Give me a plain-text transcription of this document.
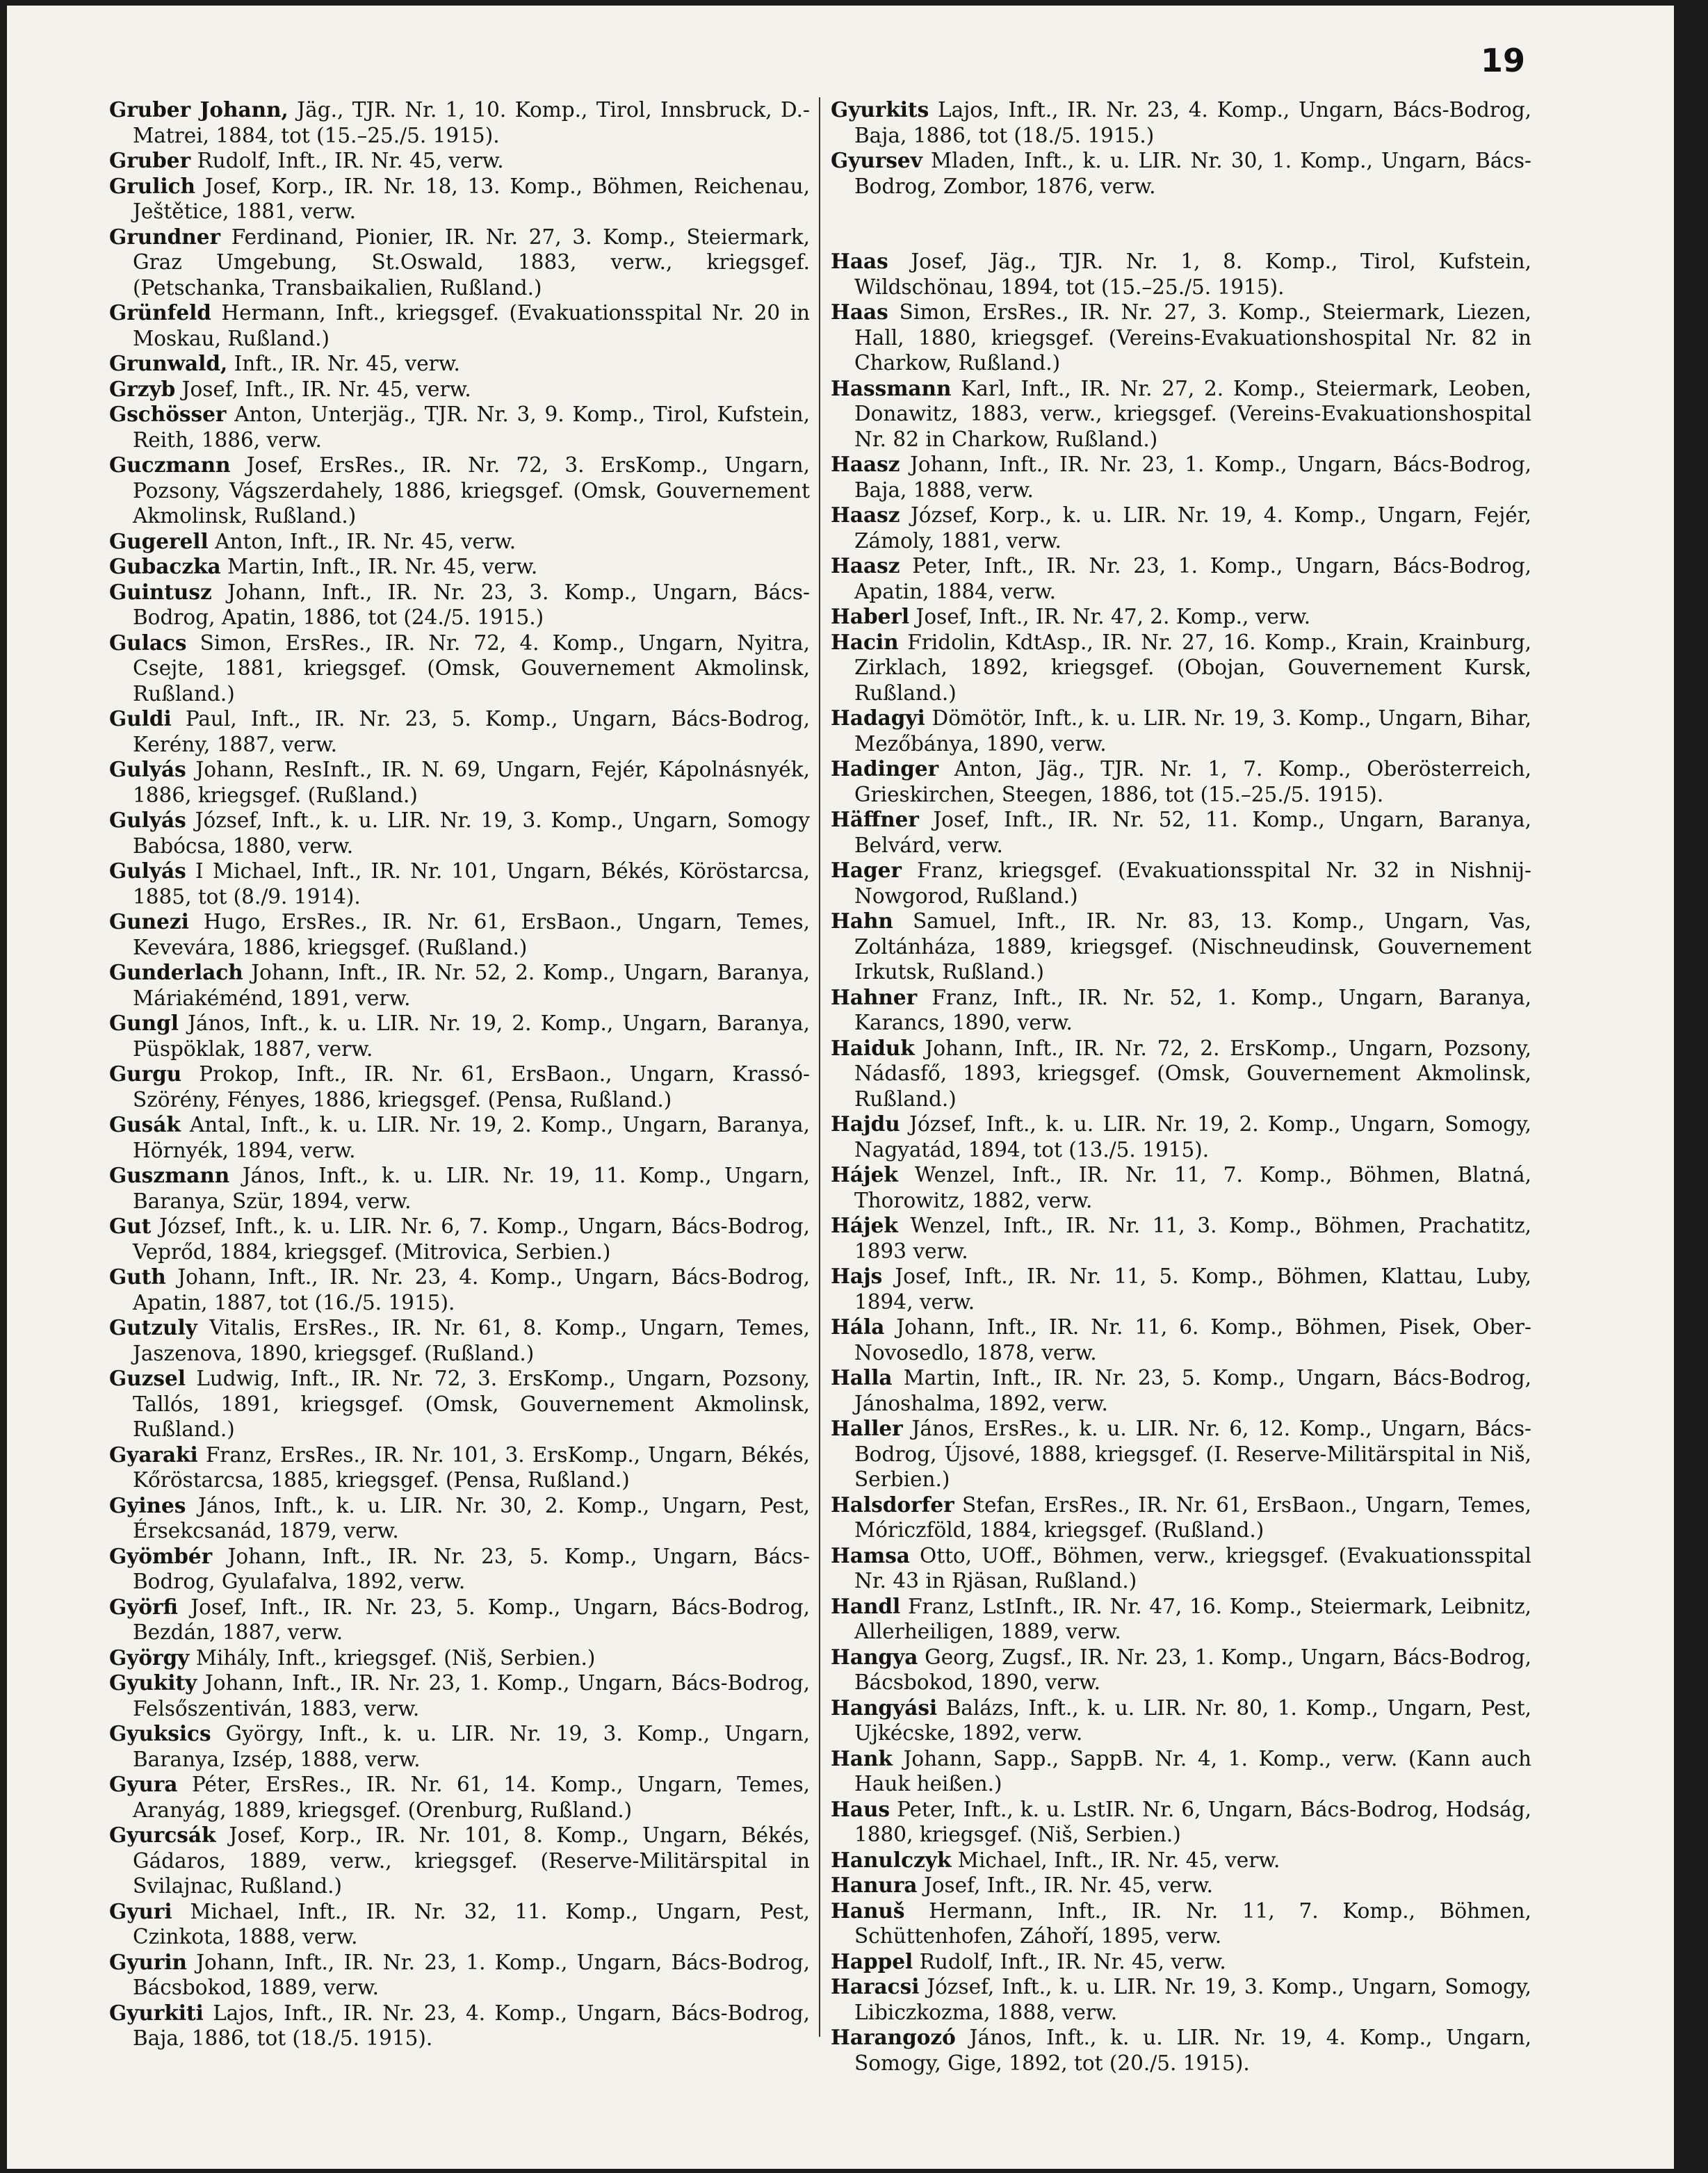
19

Gruber Johann, Jäg., TJR. Nr. 1, 10. Komp., Tirol, Innsbruck, D.-Matrei, 1884, tot (15.–25./5. 1915).

Gruber Rudolf, Inft., IR. Nr. 45, verw.

Grulich Josef, Korp., IR. Nr. 18, 13. Komp., Böhmen, Reichenau, Ještětice, 1881, verw.

Grundner Ferdinand, Pionier, IR. Nr. 27, 3. Komp., Steiermark, Graz Umgebung, St.Oswald, 1883, verw., kriegsgef. (Petschanka, Transbaikalien, Rußland.)

Grünfeld Hermann, Inft., kriegsgef. (Evakuationsspital Nr. 20 in Moskau, Rußland.)

Grunwald, Inft., IR. Nr. 45, verw.

Grzyb Josef, Inft., IR. Nr. 45, verw.

Gschösser Anton, Unterjäg., TJR. Nr. 3, 9. Komp., Tirol, Kufstein, Reith, 1886, verw.

Guczmann Josef, ErsRes., IR. Nr. 72, 3. ErsKomp., Ungarn, Pozsony, Vágszerdahely, 1886, kriegsgef. (Omsk, Gouvernement Akmolinsk, Rußland.)

Gugerell Anton, Inft., IR. Nr. 45, verw.

Gubaczka Martin, Inft., IR. Nr. 45, verw.

Guintusz Johann, Inft., IR. Nr. 23, 3. Komp., Ungarn, Bács-Bodrog, Apatin, 1886, tot (24./5. 1915.)

Gulacs Simon, ErsRes., IR. Nr. 72, 4. Komp., Ungarn, Nyitra, Csejte, 1881, kriegsgef. (Omsk, Gouvernement Akmolinsk, Rußland.)

Guldi Paul, Inft., IR. Nr. 23, 5. Komp., Ungarn, Bács-Bodrog, Kerény, 1887, verw.

Gulyás Johann, ResInft., IR. N. 69, Ungarn, Fejér, Kápolnásnyék, 1886, kriegsgef. (Rußland.)

Gulyás József, Inft., k. u. LIR. Nr. 19, 3. Komp., Ungarn, Somogy Babócsa, 1880, verw.

Gulyás I Michael, Inft., IR. Nr. 101, Ungarn, Békés, Köröstarcsa, 1885, tot (8./9. 1914).

Gunezi Hugo, ErsRes., IR. Nr. 61, ErsBaon., Ungarn, Temes, Kevevára, 1886, kriegsgef. (Rußland.)

Gunderlach Johann, Inft., IR. Nr. 52, 2. Komp., Ungarn, Baranya, Máriakéménd, 1891, verw.

Gungl János, Inft., k. u. LIR. Nr. 19, 2. Komp., Ungarn, Baranya, Püspöklak, 1887, verw.

Gurgu Prokop, Inft., IR. Nr. 61, ErsBaon., Ungarn, Krassó-Szörény, Fényes, 1886, kriegsgef. (Pensa, Rußland.)

Gusák Antal, Inft., k. u. LIR. Nr. 19, 2. Komp., Ungarn, Baranya, Hörnyék, 1894, verw.

Guszmann János, Inft., k. u. LIR. Nr. 19, 11. Komp., Ungarn, Baranya, Szür, 1894, verw.

Gut József, Inft., k. u. LIR. Nr. 6, 7. Komp., Ungarn, Bács-Bodrog, Veprőd, 1884, kriegsgef. (Mitrovica, Serbien.)

Guth Johann, Inft., IR. Nr. 23, 4. Komp., Ungarn, Bács-Bodrog, Apatin, 1887, tot (16./5. 1915).

Gutzuly Vitalis, ErsRes., IR. Nr. 61, 8. Komp., Ungarn, Temes, Jaszenova, 1890, kriegsgef. (Rußland.)

Guzsel Ludwig, Inft., IR. Nr. 72, 3. ErsKomp., Ungarn, Pozsony, Tallós, 1891, kriegsgef. (Omsk, Gouvernement Akmolinsk, Rußland.)

Gyaraki Franz, ErsRes., IR. Nr. 101, 3. ErsKomp., Ungarn, Békés, Kőröstarcsa, 1885, kriegsgef. (Pensa, Rußland.)

Gyines János, Inft., k. u. LIR. Nr. 30, 2. Komp., Ungarn, Pest, Érsekcsanád, 1879, verw.

Gyömbér Johann, Inft., IR. Nr. 23, 5. Komp., Ungarn, Bács-Bodrog, Gyulafalva, 1892, verw.

Györfi Josef, Inft., IR. Nr. 23, 5. Komp., Ungarn, Bács-Bodrog, Bezdán, 1887, verw.

György Mihály, Inft., kriegsgef. (Niš, Serbien.)

Gyukity Johann, Inft., IR. Nr. 23, 1. Komp., Ungarn, Bács-Bodrog, Felsőszentiván, 1883, verw.

Gyuksics György, Inft., k. u. LIR. Nr. 19, 3. Komp., Ungarn, Baranya, Izsép, 1888, verw.

Gyura Péter, ErsRes., IR. Nr. 61, 14. Komp., Ungarn, Temes, Aranyág, 1889, kriegsgef. (Orenburg, Rußland.)

Gyurcsák Josef, Korp., IR. Nr. 101, 8. Komp., Ungarn, Békés, Gádaros, 1889, verw., kriegsgef. (Reserve-Militärspital in Svilajnac, Rußland.)

Gyuri Michael, Inft., IR. Nr. 32, 11. Komp., Ungarn, Pest, Czinkota, 1888, verw.

Gyurin Johann, Inft., IR. Nr. 23, 1. Komp., Ungarn, Bács-Bodrog, Bácsbokod, 1889, verw.

Gyurkiti Lajos, Inft., IR. Nr. 23, 4. Komp., Ungarn, Bács-Bodrog, Baja, 1886, tot (18./5. 1915).

Gyurkits Lajos, Inft., IR. Nr. 23, 4. Komp., Ungarn, Bács-Bodrog, Baja, 1886, tot (18./5. 1915.)

Gyursev Mladen, Inft., k. u. LIR. Nr. 30, 1. Komp., Ungarn, Bács-Bodrog, Zombor, 1876, verw.

Haas Josef, Jäg., TJR. Nr. 1, 8. Komp., Tirol, Kufstein, Wildschönau, 1894, tot (15.–25./5. 1915).

Haas Simon, ErsRes., IR. Nr. 27, 3. Komp., Steiermark, Liezen, Hall, 1880, kriegsgef. (Vereins-Evakuationshospital Nr. 82 in Charkow, Rußland.)

Hassmann Karl, Inft., IR. Nr. 27, 2. Komp., Steiermark, Leoben, Donawitz, 1883, verw., kriegsgef. (Vereins-Evakuationshospital Nr. 82 in Charkow, Rußland.)

Haasz Johann, Inft., IR. Nr. 23, 1. Komp., Ungarn, Bács-Bodrog, Baja, 1888, verw.

Haasz József, Korp., k. u. LIR. Nr. 19, 4. Komp., Ungarn, Fejér, Zámoly, 1881, verw.

Haasz Peter, Inft., IR. Nr. 23, 1. Komp., Ungarn, Bács-Bodrog, Apatin, 1884, verw.

Haberl Josef, Inft., IR. Nr. 47, 2. Komp., verw.

Hacin Fridolin, KdtAsp., IR. Nr. 27, 16. Komp., Krain, Krainburg, Zirklach, 1892, kriegsgef. (Obojan, Gouvernement Kursk, Rußland.)

Hadagyi Dömötör, Inft., k. u. LIR. Nr. 19, 3. Komp., Ungarn, Bihar, Mezőbánya, 1890, verw.

Hadinger Anton, Jäg., TJR. Nr. 1, 7. Komp., Oberösterreich, Grieskirchen, Steegen, 1886, tot (15.–25./5. 1915).

Häffner Josef, Inft., IR. Nr. 52, 11. Komp., Ungarn, Baranya, Belvárd, verw.

Hager Franz, kriegsgef. (Evakuationsspital Nr. 32 in Nishnij-Nowgorod, Rußland.)

Hahn Samuel, Inft., IR. Nr. 83, 13. Komp., Ungarn, Vas, Zoltánháza, 1889, kriegsgef. (Nischneudinsk, Gouvernement Irkutsk, Rußland.)

Hahner Franz, Inft., IR. Nr. 52, 1. Komp., Ungarn, Baranya, Karancs, 1890, verw.

Haiduk Johann, Inft., IR. Nr. 72, 2. ErsKomp., Ungarn, Pozsony, Nádasfő, 1893, kriegsgef. (Omsk, Gouvernement Akmolinsk, Rußland.)

Hajdu József, Inft., k. u. LIR. Nr. 19, 2. Komp., Ungarn, Somogy, Nagyatád, 1894, tot (13./5. 1915).

Hájek Wenzel, Inft., IR. Nr. 11, 7. Komp., Böhmen, Blatná, Thorowitz, 1882, verw.

Hájek Wenzel, Inft., IR. Nr. 11, 3. Komp., Böhmen, Prachatitz, 1893 verw.

Hajs Josef, Inft., IR. Nr. 11, 5. Komp., Böhmen, Klattau, Luby, 1894, verw.

Hála Johann, Inft., IR. Nr. 11, 6. Komp., Böhmen, Pisek, Ober-Novosedlo, 1878, verw.

Halla Martin, Inft., IR. Nr. 23, 5. Komp., Ungarn, Bács-Bodrog, Jánoshalma, 1892, verw.

Haller János, ErsRes., k. u. LIR. Nr. 6, 12. Komp., Ungarn, Bács-Bodrog, Újsové, 1888, kriegsgef. (I. Reserve-Militärspital in Niš, Serbien.)

Halsdorfer Stefan, ErsRes., IR. Nr. 61, ErsBaon., Ungarn, Temes, Móriczföld, 1884, kriegsgef. (Rußland.)

Hamsa Otto, UOff., Böhmen, verw., kriegsgef. (Evakuationsspital Nr. 43 in Rjäsan, Rußland.)

Handl Franz, LstInft., IR. Nr. 47, 16. Komp., Steiermark, Leibnitz, Allerheiligen, 1889, verw.

Hangya Georg, Zugsf., IR. Nr. 23, 1. Komp., Ungarn, Bács-Bodrog, Bácsbokod, 1890, verw.

Hangyási Balázs, Inft., k. u. LIR. Nr. 80, 1. Komp., Ungarn, Pest, Ujkécske, 1892, verw.

Hank Johann, Sapp., SappB. Nr. 4, 1. Komp., verw. (Kann auch Hauk heißen.)

Haus Peter, Inft., k. u. LstIR. Nr. 6, Ungarn, Bács-Bodrog, Hodság, 1880, kriegsgef. (Niš, Serbien.)

Hanulczyk Michael, Inft., IR. Nr. 45, verw.

Hanura Josef, Inft., IR. Nr. 45, verw.

Hanuš Hermann, Inft., IR. Nr. 11, 7. Komp., Böhmen, Schüttenhofen, Záhoří, 1895, verw.

Happel Rudolf, Inft., IR. Nr. 45, verw.

Haracsi József, Inft., k. u. LIR. Nr. 19, 3. Komp., Ungarn, Somogy, Libiczkozma, 1888, verw.

Harangozó János, Inft., k. u. LIR. Nr. 19, 4. Komp., Ungarn, Somogy, Gige, 1892, tot (20./5. 1915).
